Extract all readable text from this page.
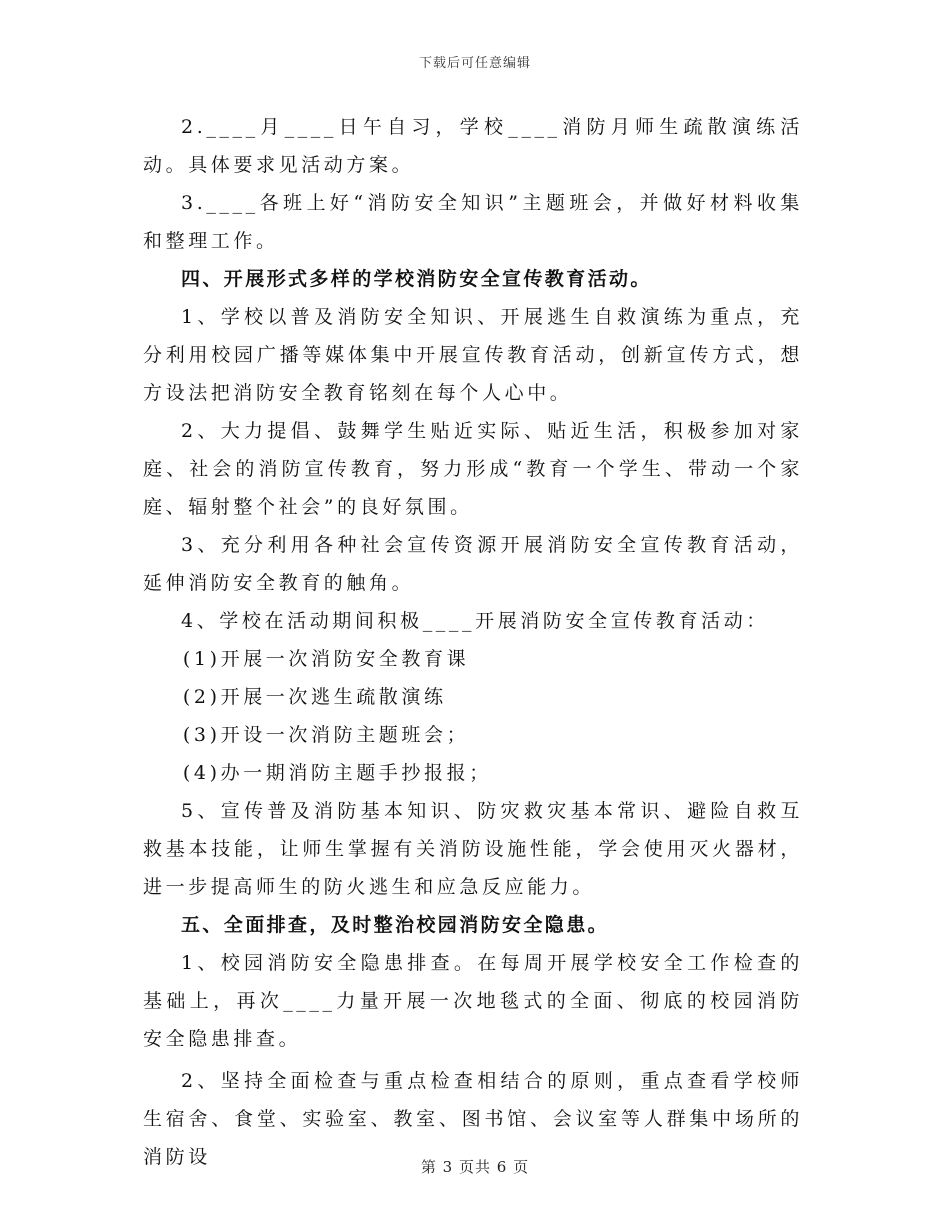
下载后可任意编辑

2.____月____日午自习，学校____消防月师生疏散演练活动。具体要求见活动方案。

3.____各班上好“消防安全知识”主题班会，并做好材料收集和整理工作。

四、开展形式多样的学校消防安全宣传教育活动。

1、学校以普及消防安全知识、开展逃生自救演练为重点，充分利用校园广播等媒体集中开展宣传教育活动，创新宣传方式，想方设法把消防安全教育铭刻在每个人心中。

2、大力提倡、鼓舞学生贴近实际、贴近生活，积极参加对家庭、社会的消防宣传教育，努力形成“教育一个学生、带动一个家庭、辐射整个社会”的良好氛围。

3、充分利用各种社会宣传资源开展消防安全宣传教育活动，延伸消防安全教育的触角。

4、学校在活动期间积极____开展消防安全宣传教育活动：

(1)开展一次消防安全教育课

(2)开展一次逃生疏散演练

(3)开设一次消防主题班会；

(4)办一期消防主题手抄报报；

5、宣传普及消防基本知识、防灾救灾基本常识、避险自救互救基本技能，让师生掌握有关消防设施性能，学会使用灭火器材，进一步提高师生的防火逃生和应急反应能力。

五、全面排查，及时整治校园消防安全隐患。

1、校园消防安全隐患排查。在每周开展学校安全工作检查的基础上，再次____力量开展一次地毯式的全面、彻底的校园消防安全隐患排查。

2、坚持全面检查与重点检查相结合的原则，重点查看学校师生宿舍、食堂、实验室、教室、图书馆、会议室等人群集中场所的消防设	第 3 页共 6 页
